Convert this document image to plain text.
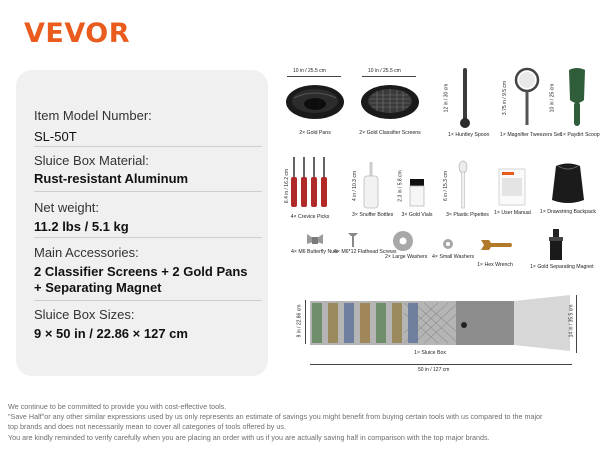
VEVOR
Item Model Number:
SL-50T
Sluice Box Material:
Rust-resistant Aluminum
Net weight:
11.2 lbs / 5.1 kg
Main Accessories:
2 Classifier Screens + 2 Gold Pans
+ Separating Magnet
Sluice Box Sizes:
9 × 50 in / 22.86 × 127 cm
10 in / 25.5 cm
2× Gold Pans
10 in / 25.5 cm
2× Gold Classifier Screens
12 in / 30 cm
1× Huntley Spoon
3.75 in / 9.5 cm
1× Magnifier Tweezers Set
10 in / 25 cm
1× Paydirt Scoop
6.4 in / 16.2 cm
4× Crevice Picks
4 in / 10.3 cm
3× Snuffer Bottles
2.3 in / 5.8 cm
3× Gold Vials
6 in / 15.3 cm
3× Plastic Pipettes 1× User Manual	1× Drawstring Backpack
4× M6 Butterfly Nuts
4× M6*12 Flathead Screws
2× Large Washers 4× Small Washers
1× Hex Wrench	1× Gold Separating Magnet
9 in / 22.86 cm	14 in / 35.5 cm
1× Sluice Box
50 in / 127 cm
We continue to be committed to provide you with cost-effective tools.
"Save Half"or any other similar expressions used by us only represents an estimate of savings you might benefit from buying certain tools with us compared to the major
top brands and does not necessarily mean to cover all categories of tools offered by us.
You are kindly reminded to verify carefully when you are placing an order with us if you are actually saving half in comparison with the top major brands.
